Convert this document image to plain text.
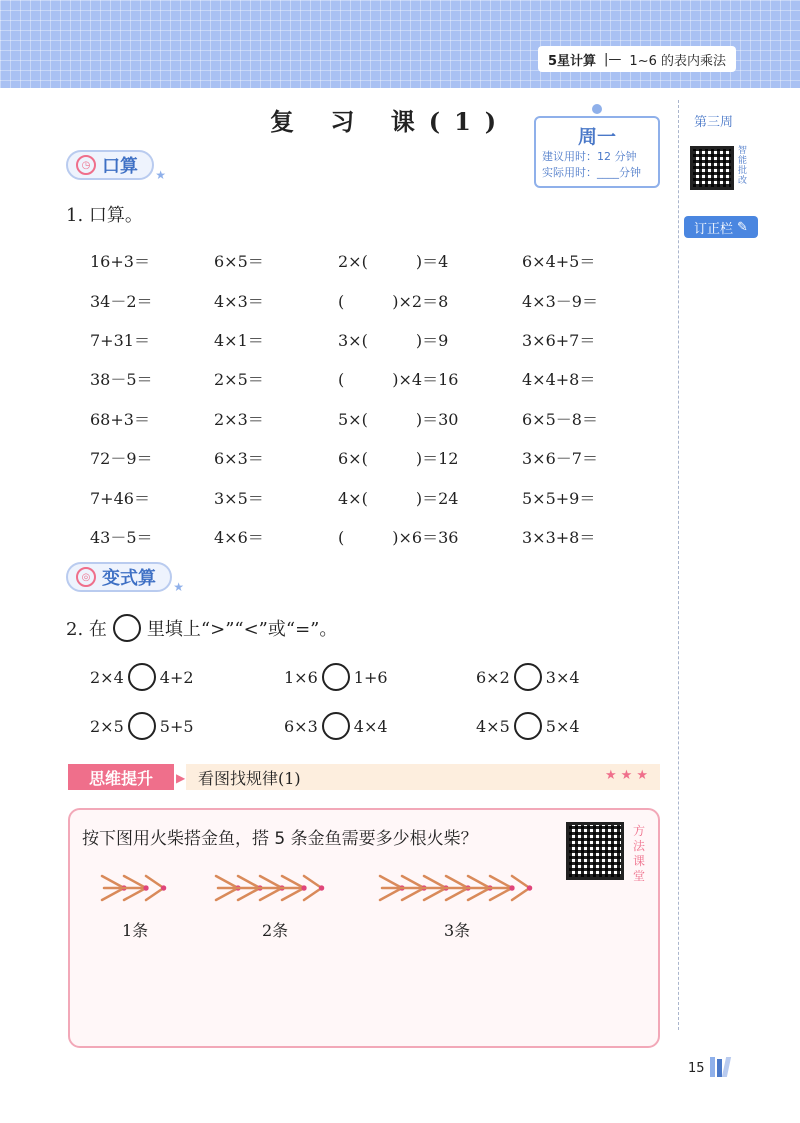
5星计算 |— 1~6 的表内乘法
复 习 课(1)
周一
建议用时：12 分钟
实际用时：____分钟
第三周
智能批改
订正栏 ✎
◷ 口算 ★
1. 口算。
16+3＝	6×5＝	2×(　　　)＝4	6×4+5＝
34－2＝	4×3＝	(　　　)×2＝8	4×3－9＝
7+31＝	4×1＝	3×(　　　)＝9	3×6+7＝
38－5＝	2×5＝	(　　　)×4＝16	4×4+8＝
68+3＝	2×3＝	5×(　　　)＝30	6×5－8＝
72－9＝	6×3＝	6×(　　　)＝12	3×6－7＝
7+46＝	3×5＝	4×(　　　)＝24	5×5+9＝
43－5＝	4×6＝	(　　　)×6＝36	3×3+8＝
◎ 变式算 ★
2. 在 里填上“>”“<”或“=”。
2×4 4+2	1×6 1+6	6×2 3×4
2×5 5+5	6×3 4×4	4×5 5×4
思维提升	▶ 看图找规律(1)	★★★
按下图用火柴搭金鱼，搭 5 条金鱼需要多少根火柴？	方法课堂
1条	2条	3条
15
